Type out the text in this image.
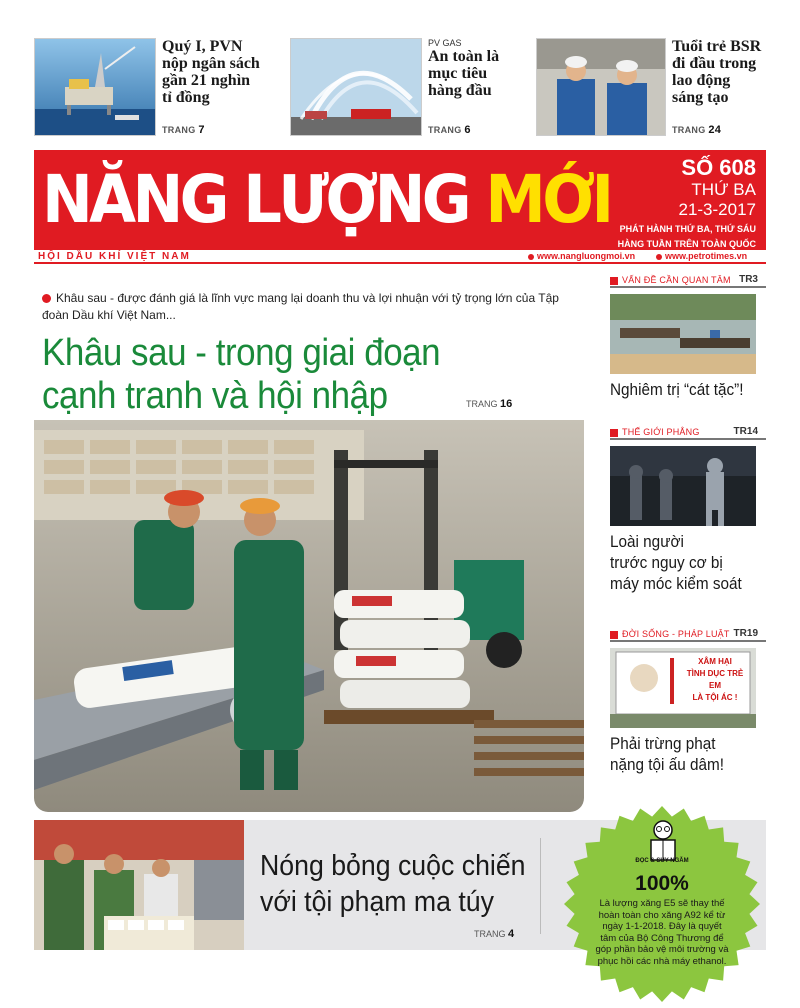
Quý I, PVN
nộp ngân sách
gần 21 nghìn
tỉ đồng
TRANG 7
PV GAS
An toàn là
mục tiêu
hàng đầu
TRANG 6
Tuổi trẻ BSR
đi đầu trong
lao động
sáng tạo
TRANG 24
NĂNG LƯỢNG MỚI	SỐ 608
THỨ BA
21-3-2017
PHÁT HÀNH THỨ BA, THỨ SÁU
HÀNG TUẦN TRÊN TOÀN QUỐC
HỘI DẦU KHÍ VIỆT NAM	www.nangluongmoi.vn	www.petrotimes.vn
Khâu sau - được đánh giá là lĩnh vực mang lại doanh thu và lợi nhuận với tỷ trọng lớn của Tập đoàn Dầu khí Việt Nam...
Khâu sau - trong giai đoạn
cạnh tranh và hội nhập	TRANG 16
VẤN ĐỀ CẦN QUAN TÂM TR3
Nghiêm trị “cát tặc”!
THẾ GIỚI PHẲNG	TR14
Loài người
trước nguy cơ bị
máy móc kiểm soát
ĐỜI SỐNG - PHÁP LUẬT TR19
XÂM HẠI
TÌNH DỤC TRẺ EM
LÀ TỘI ÁC !
Phải trừng phạt
nặng tội ấu dâm!
Nóng bỏng cuộc chiến
với tội phạm ma túy
TRANG 4
ĐỌC & SUY NGẪM
100%
Là lượng xăng E5 sẽ thay thế hoàn toàn cho xăng A92 kể từ ngày 1-1-2018. Đây là quyết tâm của Bộ Công Thương để góp phần bảo vệ môi trường và phục hồi các nhà máy ethanol.
